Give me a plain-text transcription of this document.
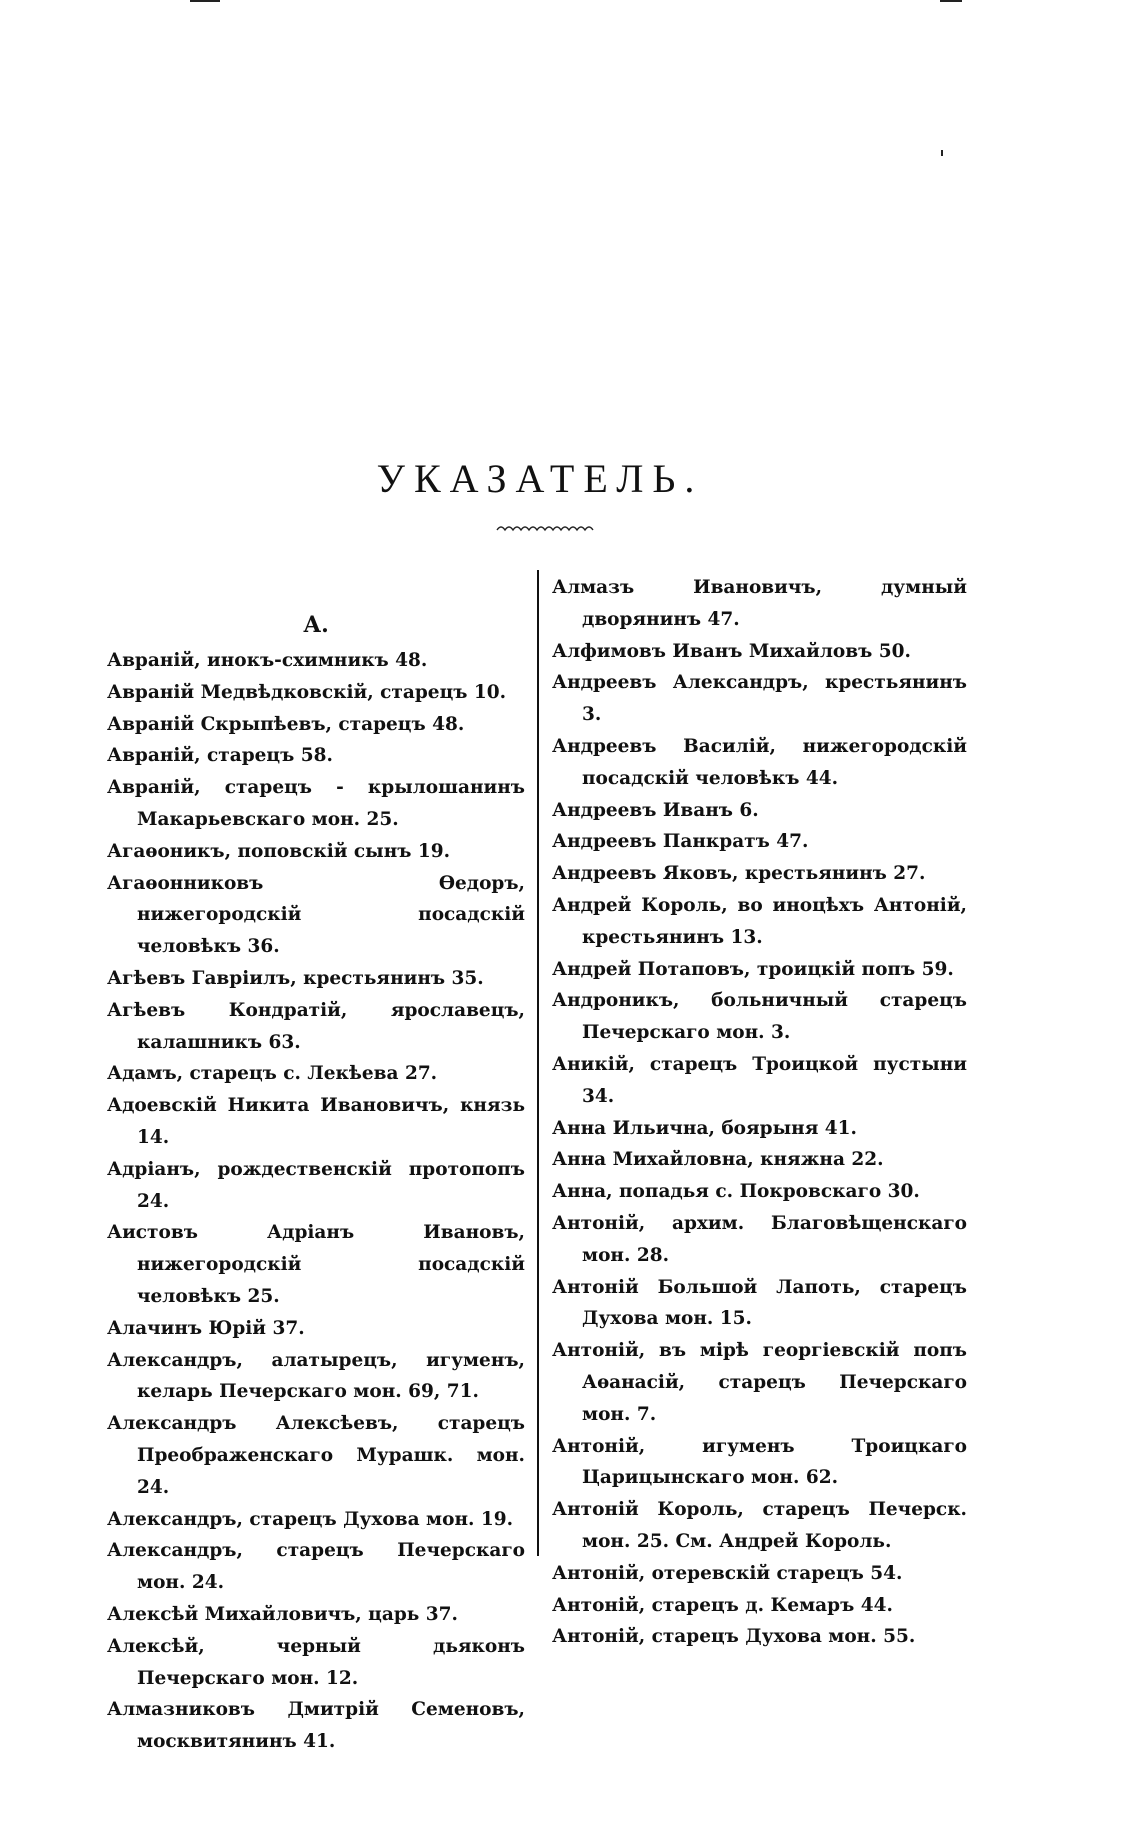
УКАЗАТЕЛЬ.
А.

Авраній, инокъ-схимникъ 48.

Авраній Медвѣдковскій, старецъ 10.

Авраній Скрыпѣевъ, старецъ 48.

Авраній, старецъ 58.

Авраній, старецъ - крылошанинъ Макарьевскаго мон. 25.

Агаѳоникъ, поповскій сынъ 19.

Агаѳонниковъ Ѳедоръ, нижегородскій посадскій человѣкъ 36.

Агѣевъ Гаврiилъ, крестьянинъ 35.

Агѣевъ Кондратій, ярославецъ, калашникъ 63.

Адамъ, старецъ с. Лекѣева 27.

Адоевскій Никита Ивановичъ, князь 14.

Адріанъ, рождественскій протопопъ 24.

Аистовъ Адріанъ Ивановъ, нижегородскій посадскій человѣкъ 25.

Алачинъ Юрій 37.

Александръ, алатырецъ, игуменъ, келарь Печерскаго мон. 69, 71.

Александръ Алексѣевъ, старецъ Преображенскаго Мурашк. мон. 24.

Александръ, старецъ Духова мон. 19.

Александръ, старецъ Печерскаго мон. 24.

Алексѣй Михайловичъ, царь 37.

Алексѣй, черный дьяконъ Печерскаго мон. 12.

Алмазниковъ Дмитрій Семеновъ, москвитянинъ 41.

Алмазъ Ивановичъ, думный дворянинъ 47.

Алфимовъ Иванъ Михайловъ 50.

Андреевъ Александръ, крестьянинъ 3.

Андреевъ Василій, нижегородскій посадскій человѣкъ 44.

Андреевъ Иванъ 6.

Андреевъ Панкратъ 47.

Андреевъ Яковъ, крестьянинъ 27.

Андрей Король, во иноцѣхъ Антоній, крестьянинъ 13.

Андрей Потаповъ, троицкій попъ 59.

Андроникъ, больничный старецъ Печерскаго мон. 3.

Аникій, старецъ Троицкой пустыни 34.

Анна Ильична, боярыня 41.

Анна Михайловна, княжна 22.

Анна, попадья с. Покровскаго 30.

Антоній, архим. Благовѣщенскаго мон. 28.

Антоній Большой Лапоть, старецъ Духова мон. 15.

Антоній, въ мірѣ георгіевскій попъ Аѳанасій, старецъ Печерскаго мон. 7.

Антоній, игуменъ Троицкаго Царицынскаго мон. 62.

Антоній Король, старецъ Печерск. мон. 25. См. Андрей Король.

Антоній, отеревскій старецъ 54.

Антоній, старецъ д. Кемаръ 44.

Антоній, старецъ Духова мон. 55.
